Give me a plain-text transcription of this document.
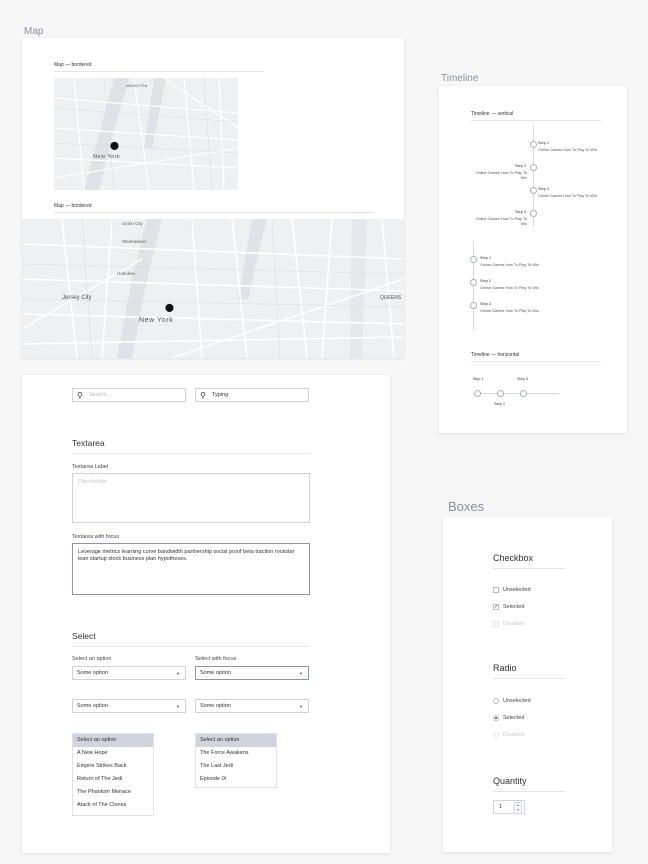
Map
Timeline
Boxes
Map — bordered
MANHATTAN
⬤
New York
Map — bordered
Union City
Weehawken
Hoboken
Jersey City
⬤
New York
QUEENS
Timeline — vertical
Step 1
Online Games How To Play To Win
Step 2
Online Games How To Play To Win
Step 3
Online Games How To Play To Win
Step 4
Online Games How To Play To Win
Step 1
Online Games How To Play To Win
Step 2
Online Games How To Play To Win
Step 3
Online Games How To Play To Win
Timeline — horizontal
Step 1
Step 2
Step 3
⚲ Search...	⚲ Typing
Textarea
Textarea Label
Placeholder
Textarea with focus
Leverage metrics learning curve bandwidth partnership social proof beta traction rockstar lean startup stock business plan hypotheses.
Select
Select an option	Select with focus
Some option	▼	Some option	▼
Some option	▼	Some option	▼
Select an option
A New Hope
Empire Strikes Back
Return of The Jedi
The Phantom Menace
Atack of The Clones
Select an option
The Force Awakens
The Last Jedi
Episode IX
Checkbox
Unselected
✓ Selected
Disabled
Radio
Unselected
Selected
Disabled
Quantity
1	▲
▼
